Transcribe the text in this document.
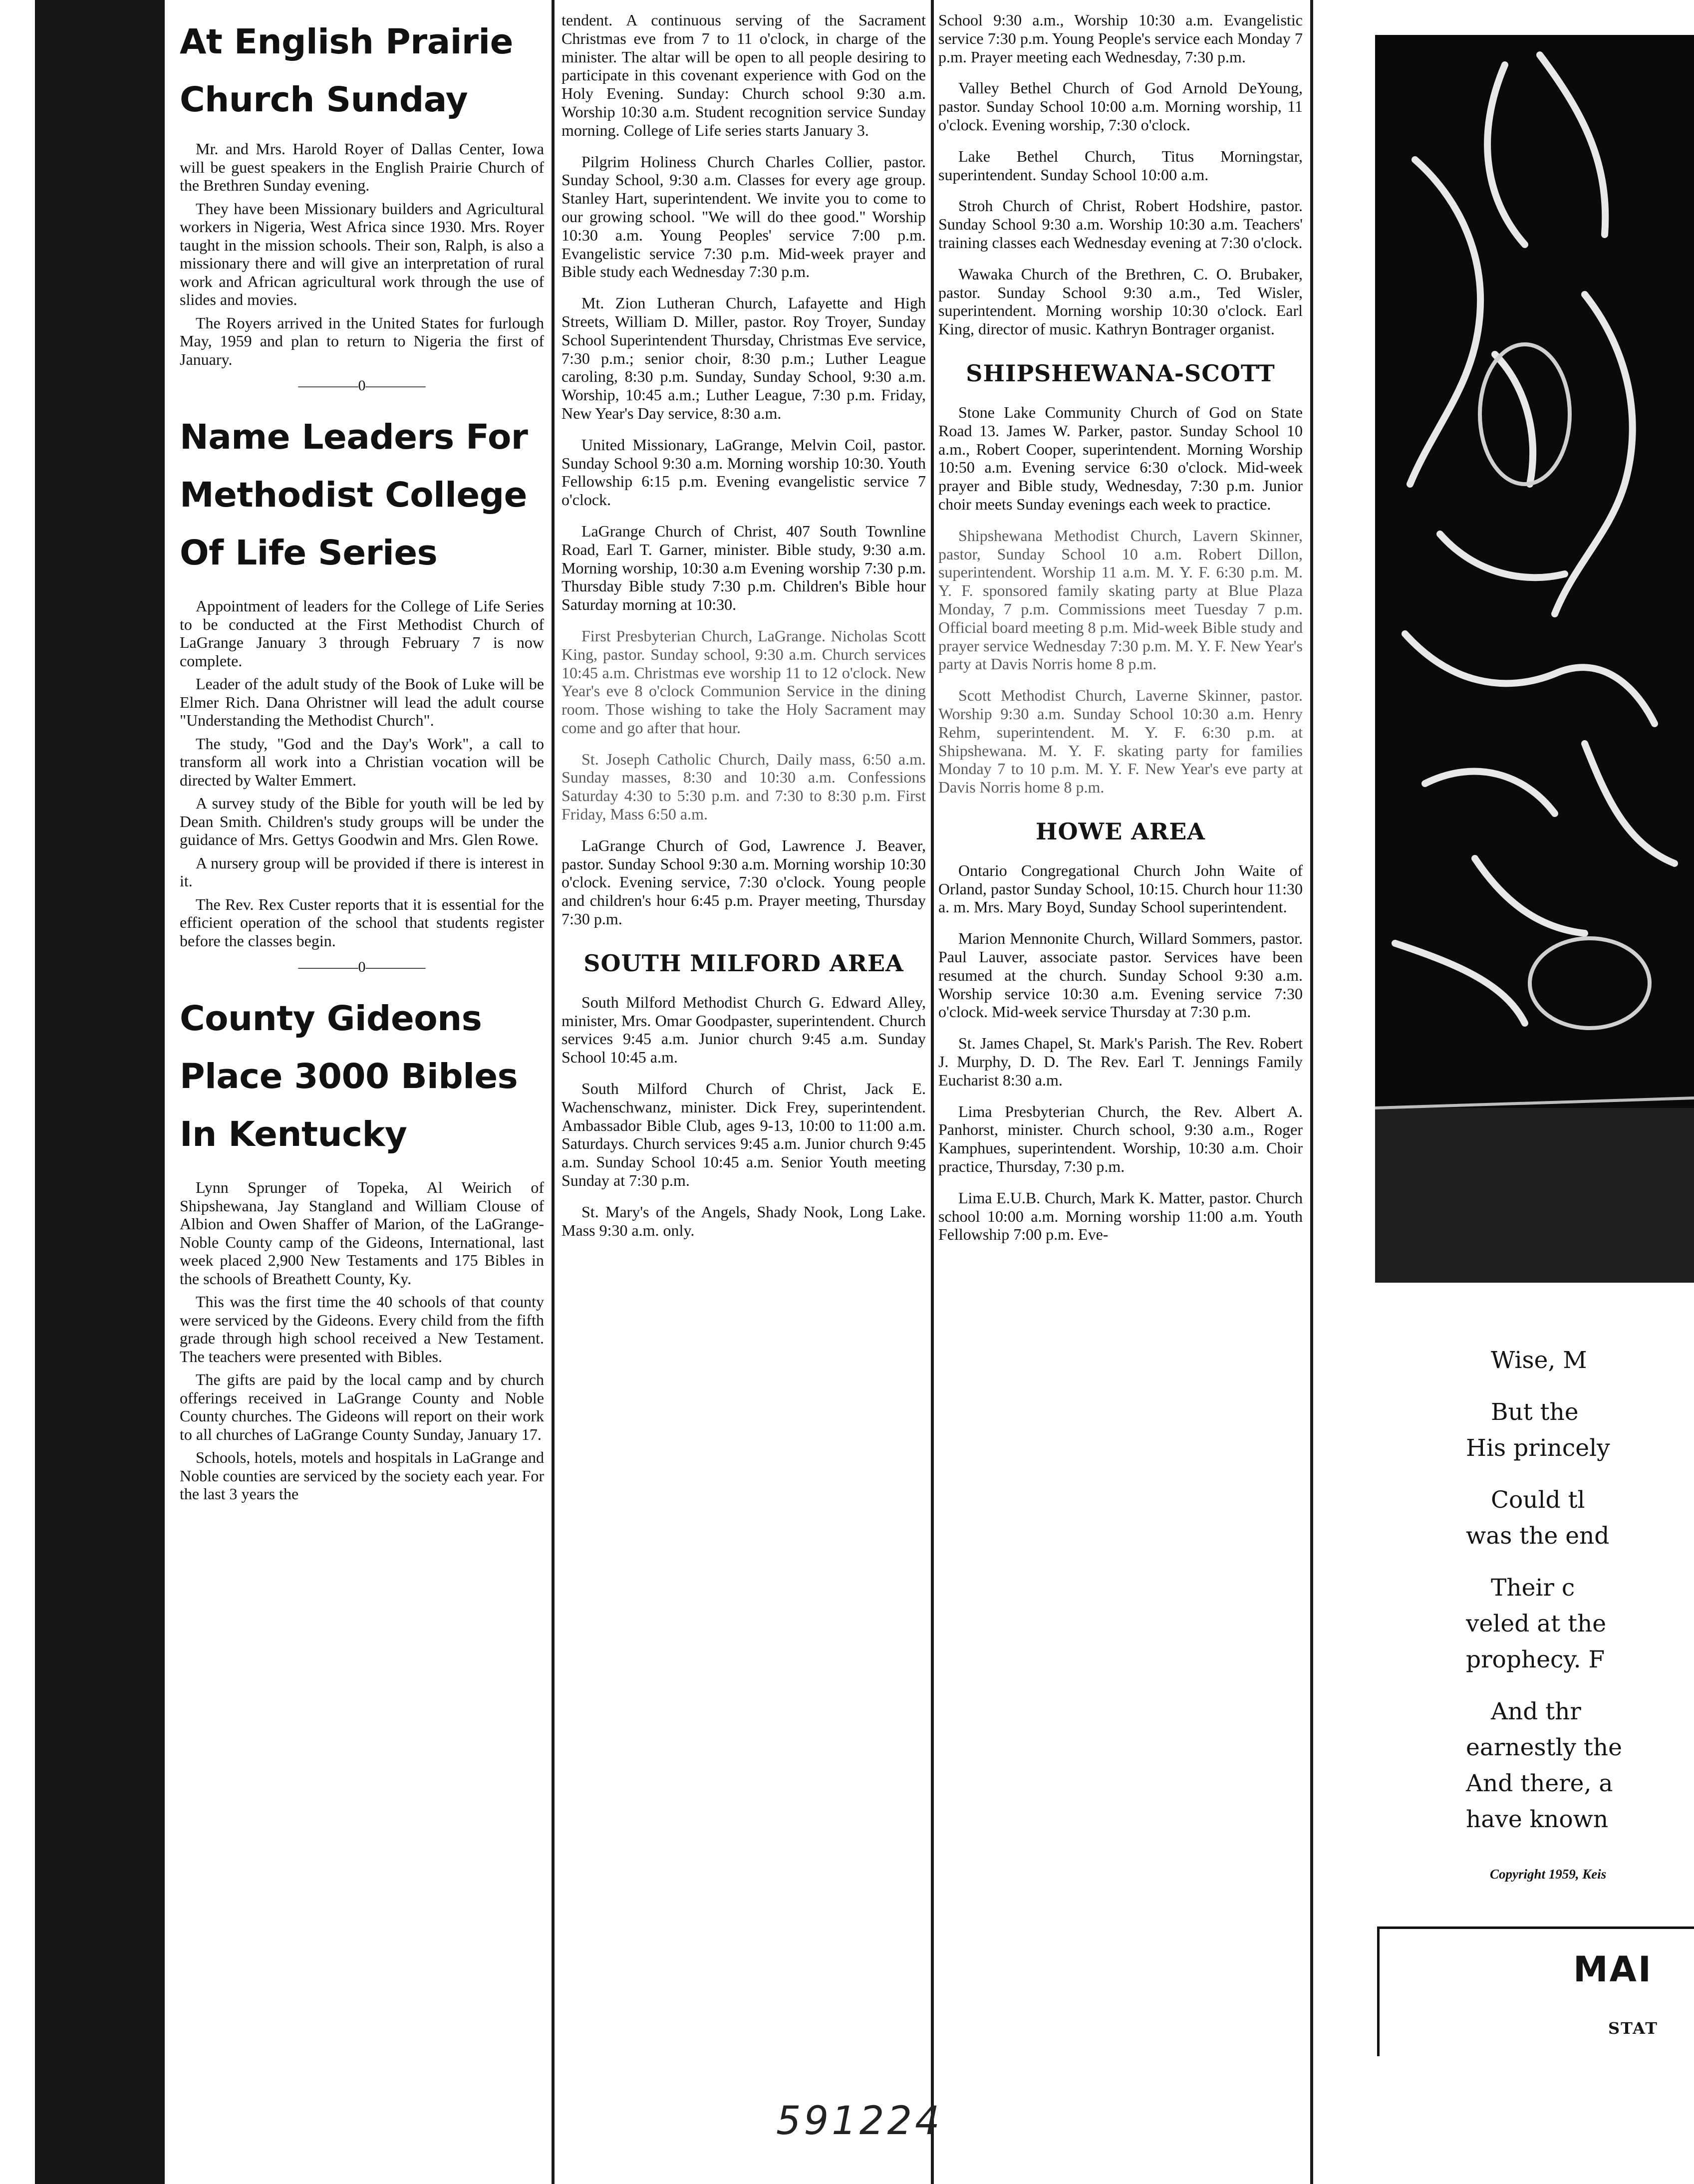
At English Prairie
Church Sunday

Mr. and Mrs. Harold Royer of Dallas Center, Iowa will be guest speakers in the English Prairie Church of the Brethren Sunday evening.

They have been Missionary builders and Agricultural workers in Nigeria, West Africa since 1930. Mrs. Royer taught in the mission schools. Their son, Ralph, is also a missionary there and will give an interpretation of rural work and African agricultural work through the use of slides and movies.

The Royers arrived in the United States for furlough May, 1959 and plan to return to Nigeria the first of January.

————0————
Name Leaders For
Methodist College
Of Life Series

Appointment of leaders for the College of Life Series to be conducted at the First Methodist Church of LaGrange January 3 through February 7 is now complete.

Leader of the adult study of the Book of Luke will be Elmer Rich. Dana Ohristner will lead the adult course "Understanding the Methodist Church".

The study, "God and the Day's Work", a call to transform all work into a Christian vocation will be directed by Walter Emmert.

A survey study of the Bible for youth will be led by Dean Smith. Children's study groups will be under the guidance of Mrs. Gettys Goodwin and Mrs. Glen Rowe.

A nursery group will be provided if there is interest in it.

The Rev. Rex Custer reports that it is essential for the efficient operation of the school that students register before the classes begin.

————0————
County Gideons
Place 3000 Bibles
In Kentucky

Lynn Sprunger of Topeka, Al Weirich of Shipshewana, Jay Stangland and William Clouse of Albion and Owen Shaffer of Marion, of the LaGrange-Noble County camp of the Gideons, International, last week placed 2,900 New Testaments and 175 Bibles in the schools of Breathett County, Ky.

This was the first time the 40 schools of that county were serviced by the Gideons. Every child from the fifth grade through high school received a New Testament. The teachers were presented with Bibles.

The gifts are paid by the local camp and by church offerings received in LaGrange County and Noble County churches. The Gideons will report on their work to all churches of LaGrange County Sunday, January 17.

Schools, hotels, motels and hospitals in LaGrange and Noble counties are serviced by the society each year. For the last 3 years the

tendent. A continuous serving of the Sacrament Christmas eve from 7 to 11 o'clock, in charge of the minister. The altar will be open to all people desiring to participate in this covenant experience with God on the Holy Evening. Sunday: Church school 9:30 a.m. Worship 10:30 a.m. Student recognition service Sunday morning. College of Life series starts January 3.

Pilgrim Holiness Church Charles Collier, pastor. Sunday School, 9:30 a.m. Classes for every age group. Stanley Hart, superintendent. We invite you to come to our growing school. "We will do thee good." Worship 10:30 a.m. Young Peoples' service 7:00 p.m. Evangelistic service 7:30 p.m. Mid-week prayer and Bible study each Wednesday 7:30 p.m.

Mt. Zion Lutheran Church, Lafayette and High Streets, William D. Miller, pastor. Roy Troyer, Sunday School Superintendent Thursday, Christmas Eve service, 7:30 p.m.; senior choir, 8:30 p.m.; Luther League caroling, 8:30 p.m. Sunday, Sunday School, 9:30 a.m. Worship, 10:45 a.m.; Luther League, 7:30 p.m. Friday, New Year's Day service, 8:30 a.m.

United Missionary, LaGrange, Melvin Coil, pastor. Sunday School 9:30 a.m. Morning worship 10:30. Youth Fellowship 6:15 p.m. Evening evangelistic service 7 o'clock.

LaGrange Church of Christ, 407 South Townline Road, Earl T. Garner, minister. Bible study, 9:30 a.m. Morning worship, 10:30 a.m Evening worship 7:30 p.m. Thursday Bible study 7:30 p.m. Children's Bible hour Saturday morning at 10:30.

First Presbyterian Church, LaGrange. Nicholas Scott King, pastor. Sunday school, 9:30 a.m. Church services 10:45 a.m. Christmas eve worship 11 to 12 o'clock. New Year's eve 8 o'clock Communion Service in the dining room. Those wishing to take the Holy Sacrament may come and go after that hour.

St. Joseph Catholic Church, Daily mass, 6:50 a.m. Sunday masses, 8:30 and 10:30 a.m. Confessions Saturday 4:30 to 5:30 p.m. and 7:30 to 8:30 p.m. First Friday, Mass 6:50 a.m.

LaGrange Church of God, Lawrence J. Beaver, pastor. Sunday School 9:30 a.m. Morning worship 10:30 o'clock. Evening service, 7:30 o'clock. Young people and children's hour 6:45 p.m. Prayer meeting, Thursday 7:30 p.m.

SOUTH MILFORD AREA

South Milford Methodist Church G. Edward Alley, minister, Mrs. Omar Goodpaster, superintendent. Church services 9:45 a.m. Junior church 9:45 a.m. Sunday School 10:45 a.m.

South Milford Church of Christ, Jack E. Wachenschwanz, minister. Dick Frey, superintendent. Ambassador Bible Club, ages 9-13, 10:00 to 11:00 a.m. Saturdays. Church services 9:45 a.m. Junior church 9:45 a.m. Sunday School 10:45 a.m. Senior Youth meeting Sunday at 7:30 p.m.

St. Mary's of the Angels, Shady Nook, Long Lake. Mass 9:30 a.m. only.

School 9:30 a.m., Worship 10:30 a.m. Evangelistic service 7:30 p.m. Young People's service each Monday 7 p.m. Prayer meeting each Wednesday, 7:30 p.m.

Valley Bethel Church of God Arnold DeYoung, pastor. Sunday School 10:00 a.m. Morning worship, 11 o'clock. Evening worship, 7:30 o'clock.

Lake Bethel Church, Titus Morningstar, superintendent. Sunday School 10:00 a.m.

Stroh Church of Christ, Robert Hodshire, pastor. Sunday School 9:30 a.m. Worship 10:30 a.m. Teachers' training classes each Wednesday evening at 7:30 o'clock.

Wawaka Church of the Brethren, C. O. Brubaker, pastor. Sunday School 9:30 a.m., Ted Wisler, superintendent. Morning worship 10:30 o'clock. Earl King, director of music. Kathryn Bontrager organist.

SHIPSHEWANA-SCOTT

Stone Lake Community Church of God on State Road 13. James W. Parker, pastor. Sunday School 10 a.m., Robert Cooper, superintendent. Morning Worship 10:50 a.m. Evening service 6:30 o'clock. Mid-week prayer and Bible study, Wednesday, 7:30 p.m. Junior choir meets Sunday evenings each week to practice.

Shipshewana Methodist Church, Lavern Skinner, pastor, Sunday School 10 a.m. Robert Dillon, superintendent. Worship 11 a.m. M. Y. F. 6:30 p.m. M. Y. F. sponsored family skating party at Blue Plaza Monday, 7 p.m. Commissions meet Tuesday 7 p.m. Official board meeting 8 p.m. Mid-week Bible study and prayer service Wednesday 7:30 p.m. M. Y. F. New Year's party at Davis Norris home 8 p.m.

Scott Methodist Church, Laverne Skinner, pastor. Worship 9:30 a.m. Sunday School 10:30 a.m. Henry Rehm, superintendent. M. Y. F. 6:30 p.m. at Shipshewana. M. Y. F. skating party for families Monday 7 to 10 p.m. M. Y. F. New Year's eve party at Davis Norris home 8 p.m.

HOWE AREA

Ontario Congregational Church John Waite of Orland, pastor Sunday School, 10:15. Church hour 11:30 a. m. Mrs. Mary Boyd, Sunday School superintendent.

Marion Mennonite Church, Willard Sommers, pastor. Paul Lauver, associate pastor. Services have been resumed at the church. Sunday School 9:30 a.m. Worship service 10:30 a.m. Evening service 7:30 o'clock. Mid-week service Thursday at 7:30 p.m.

St. James Chapel, St. Mark's Parish. The Rev. Robert J. Murphy, D. D. The Rev. Earl T. Jennings Family Eucharist 8:30 a.m.

Lima Presbyterian Church, the Rev. Albert A. Panhorst, minister. Church school, 9:30 a.m., Roger Kamphues, superintendent. Worship, 10:30 a.m. Choir practice, Thursday, 7:30 p.m.

Lima E.U.B. Church, Mark K. Matter, pastor. Church school 10:00 a.m. Morning worship 11:00 a.m. Youth Fellowship 7:00 p.m. Eve-

Wise, M

But the
His princely

Could tl
was the end

Their c
veled at the
prophecy. F

And thr
earnestly the
And there, a
have known

Copyright 1959, Keis
MAI
STAT
591224
